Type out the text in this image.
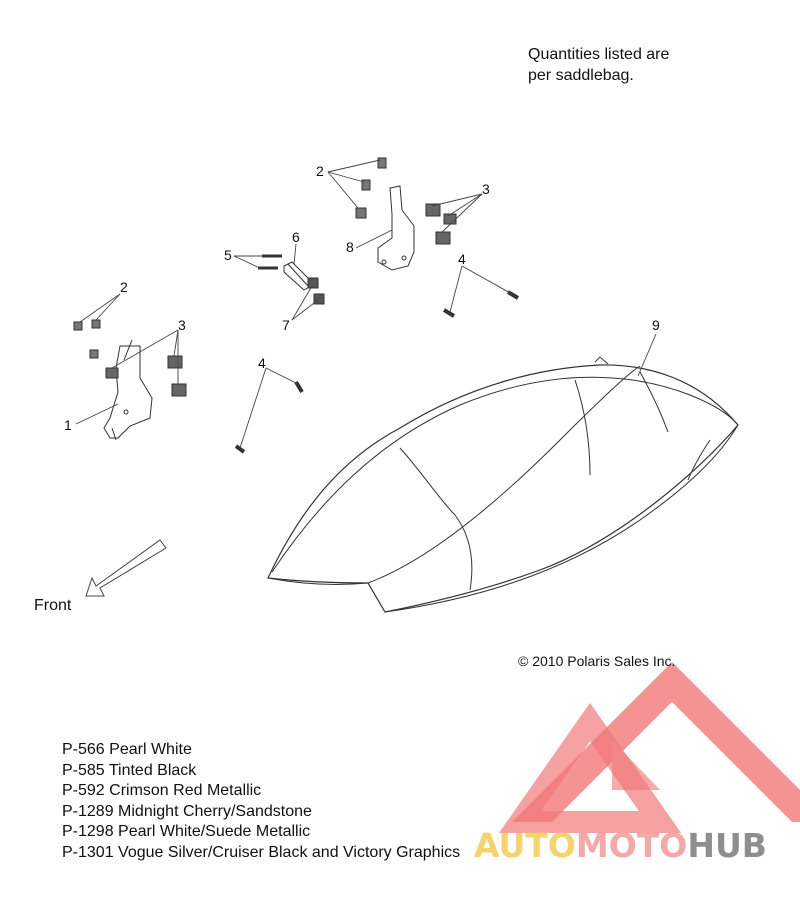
2
3
1
2
3
5
6
7
8
4
4
9
Front
Quantities listed are
per saddlebag.
© 2010 Polaris Sales Inc.
P-566 Pearl White
P-585 Tinted Black
P-592 Crimson Red Metallic
P-1289 Midnight Cherry/Sandstone
P-1298 Pearl White/Suede Metallic
P-1301 Vogue Silver/Cruiser Black and Victory Graphics AUTOMOTOHUB
